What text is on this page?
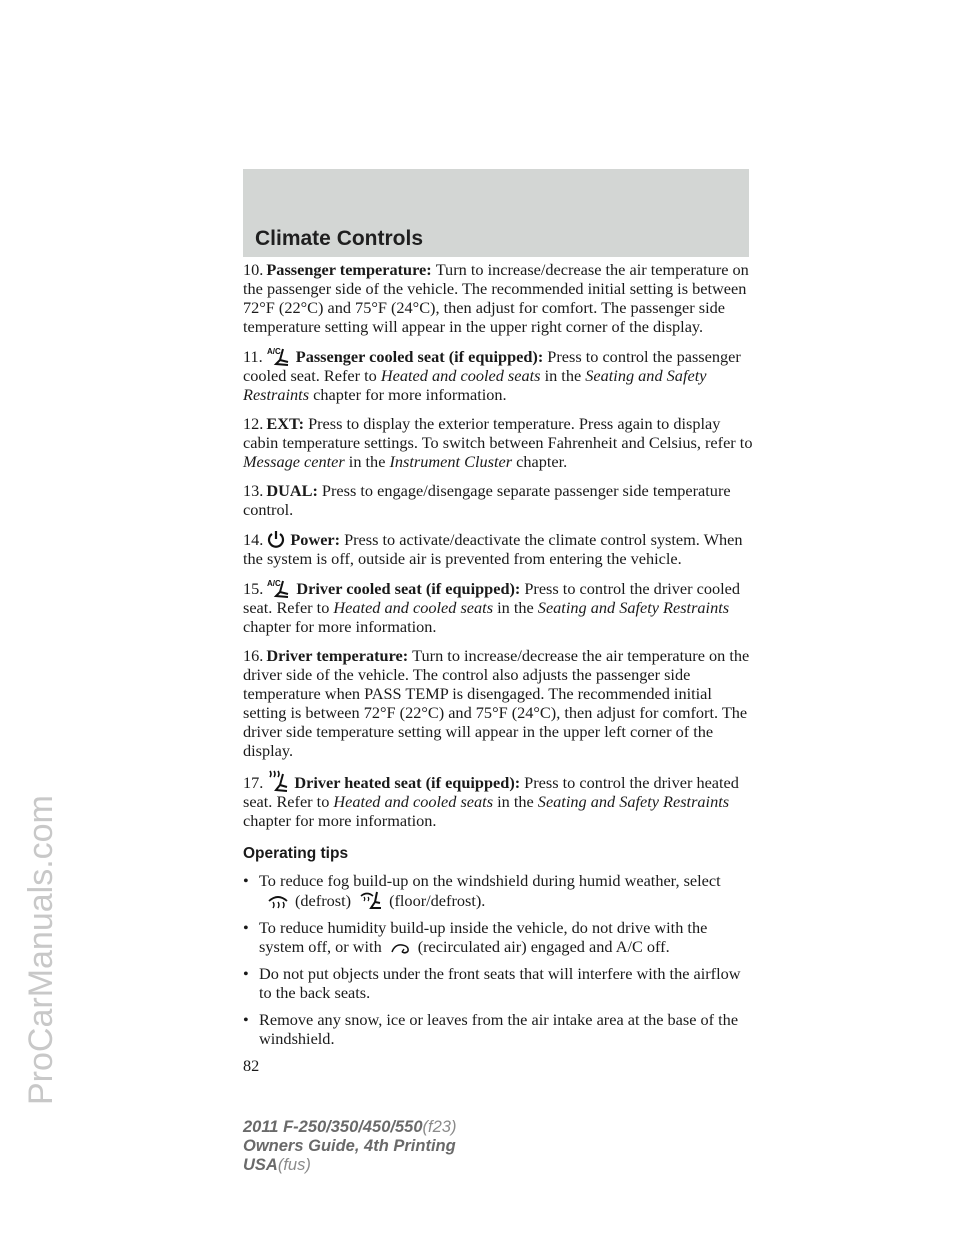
ProCarManuals.com
Climate Controls

10. Passenger temperature: Turn to increase/decrease the air temperature on the passenger side of the vehicle. The recommended initial setting is between 72°F (22°C) and 75°F (24°C), then adjust for comfort. The passenger side temperature setting will appear in the upper right corner of the display.

11. A/C Passenger cooled seat (if equipped): Press to control the passenger cooled seat. Refer to Heated and cooled seats in the Seating and Safety Restraints chapter for more information.

12. EXT: Press to display the exterior temperature. Press again to display cabin temperature settings. To switch between Fahrenheit and Celsius, refer to Message center in the Instrument Cluster chapter.

13. DUAL: Press to engage/disengage separate passenger side temperature control.

14. Power: Press to activate/deactivate the climate control system. When the system is off, outside air is prevented from entering the vehicle.

15. A/C Driver cooled seat (if equipped): Press to control the driver cooled seat. Refer to Heated and cooled seats in the Seating and Safety Restraints chapter for more information.

16. Driver temperature: Turn to increase/decrease the air temperature on the driver side of the vehicle. The control also adjusts the passenger side temperature when PASS TEMP is disengaged. The recommended initial setting is between 72°F (22°C) and 75°F (24°C), then adjust for comfort. The driver side temperature setting will appear in the upper left corner of the display.

17. Driver heated seat (if equipped): Press to control the driver heated seat. Refer to Heated and cooled seats in the Seating and Safety Restraints chapter for more information.

Operating tips

• To reduce fog build-up on the windshield during humid weather, select
(defrost) (floor/defrost).

• To reduce humidity build-up inside the vehicle, do not drive with the system off, or with (recirculated air) engaged and A/C off.

• Do not put objects under the front seats that will interfere with the airflow to the back seats.

• Remove any snow, ice or leaves from the air intake area at the base of the windshield.

82
2011 F-250/350/450/550(f23)
Owners Guide, 4th Printing
USA(fus)
